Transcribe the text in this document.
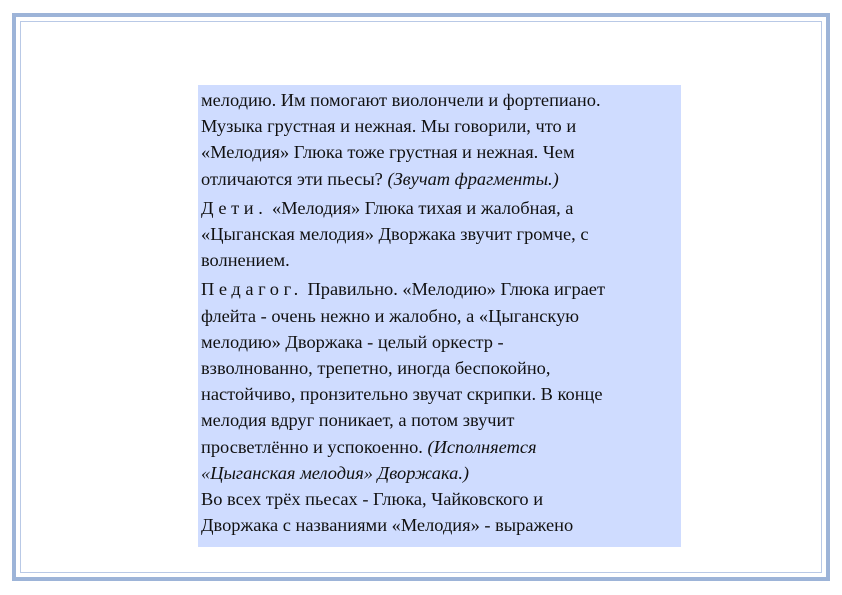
мелодию. Им помогают виолончели и фортепиано.
Музыка грустная и нежная. Мы говорили, что и
«Мелодия» Глюка тоже грустная и нежная. Чем
отличаются эти пьесы? (Звучат фрагменты.)

Дети. «Мелодия» Глюка тихая и жалобная, а
«Цыганская мелодия» Дворжака звучит громче, с
волнением.

Педагог. Правильно. «Мелодию» Глюка играет
флейта - очень нежно и жалобно, а «Цыганскую
мелодию» Дворжака - целый оркестр -
взволнованно, трепетно, иногда беспокойно,
настойчиво, пронзительно звучат скрипки. В конце
мелодия вдруг поникает, а потом звучит
просветлённо и успокоенно. (Исполняется
«Цыганская мелодия» Дворжака.)

Во всех трёх пьесах - Глюка, Чайковского и
Дворжака с названиями «Мелодия» - выражено
